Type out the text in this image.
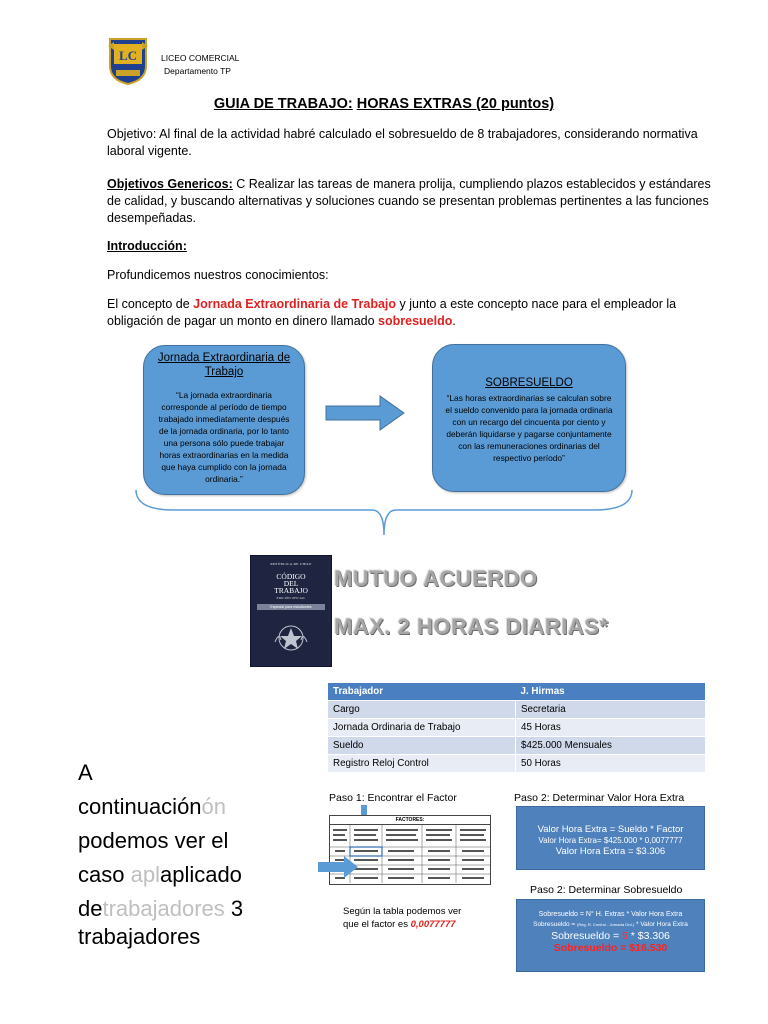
LC	LICEO COMERCIAL
Departamento TP
GUIA DE TRABAJO: HORAS EXTRAS (20 puntos)
Objetivo: Al final de la actividad habré calculado el sobresueldo de 8 trabajadores, considerando normativa laboral vigente.
Objetivos Genericos: C Realizar las tareas de manera prolija, cumpliendo plazos establecidos y estándares de calidad, y buscando alternativas y soluciones cuando se presentan problemas pertinentes a las funciones desempeñadas.
Introducción:
Profundicemos nuestros conocimientos:
El concepto de Jornada Extraordinaria de Trabajo y junto a este concepto nace para el empleador la obligación de pagar un monto en dinero llamado sobresueldo.
Jornada Extraordinaria de Trabajo
“La jornada extraordinaria corresponde al período de tiempo trabajado inmediatamente después de la jornada ordinaria, por lo tanto una persona sólo puede trabajar horas extraordinarias en la medida que haya cumplido con la jornada ordinaria.”
SOBRESUELDO
“Las horas extraordinarias se calculan sobre el sueldo convenido para la jornada ordinaria con un recargo del cincuenta por ciento y deberán liquidarse y pagarse conjuntamente con las remuneraciones ordinarias del respectivo período”
REPÚBLICA DE CHILE
CÓDIGO
DEL
TRABAJO
EDICIÓN OFICIAL
Especial para estudiantes
MUTUO ACUERDO
MAX. 2 HORAS DIARIAS*
Trabajador	J. Hirmas
Cargo	Secretaria
Jornada Ordinaria de Trabajo	45 Horas
Sueldo	$425.000 Mensuales
Registro Reloj Control	50 Horas
A  continuaciónón
podemos ver el
caso aplaplicado
detrabajadores 3
trabajadores
Paso 1: Encontrar el Factor
FACTORES:
Según la tabla podemos ver
que el factor es 0,0077777
Paso 2: Determinar Valor Hora Extra
Valor Hora Extra = Sueldo * Factor
Valor Hora Extra= $425.000 * 0,0077777
Valor Hora Extra = $3.306
Paso 2: Determinar Sobresueldo
Sobresueldo = N° H. Extras * Valor Hora Extra
Sobresueldo = (Reg. R. Control - Jornada Ord.) * Valor Hora Extra
Sobresueldo = 5 * $3.306
Sobresueldo = $16.530
